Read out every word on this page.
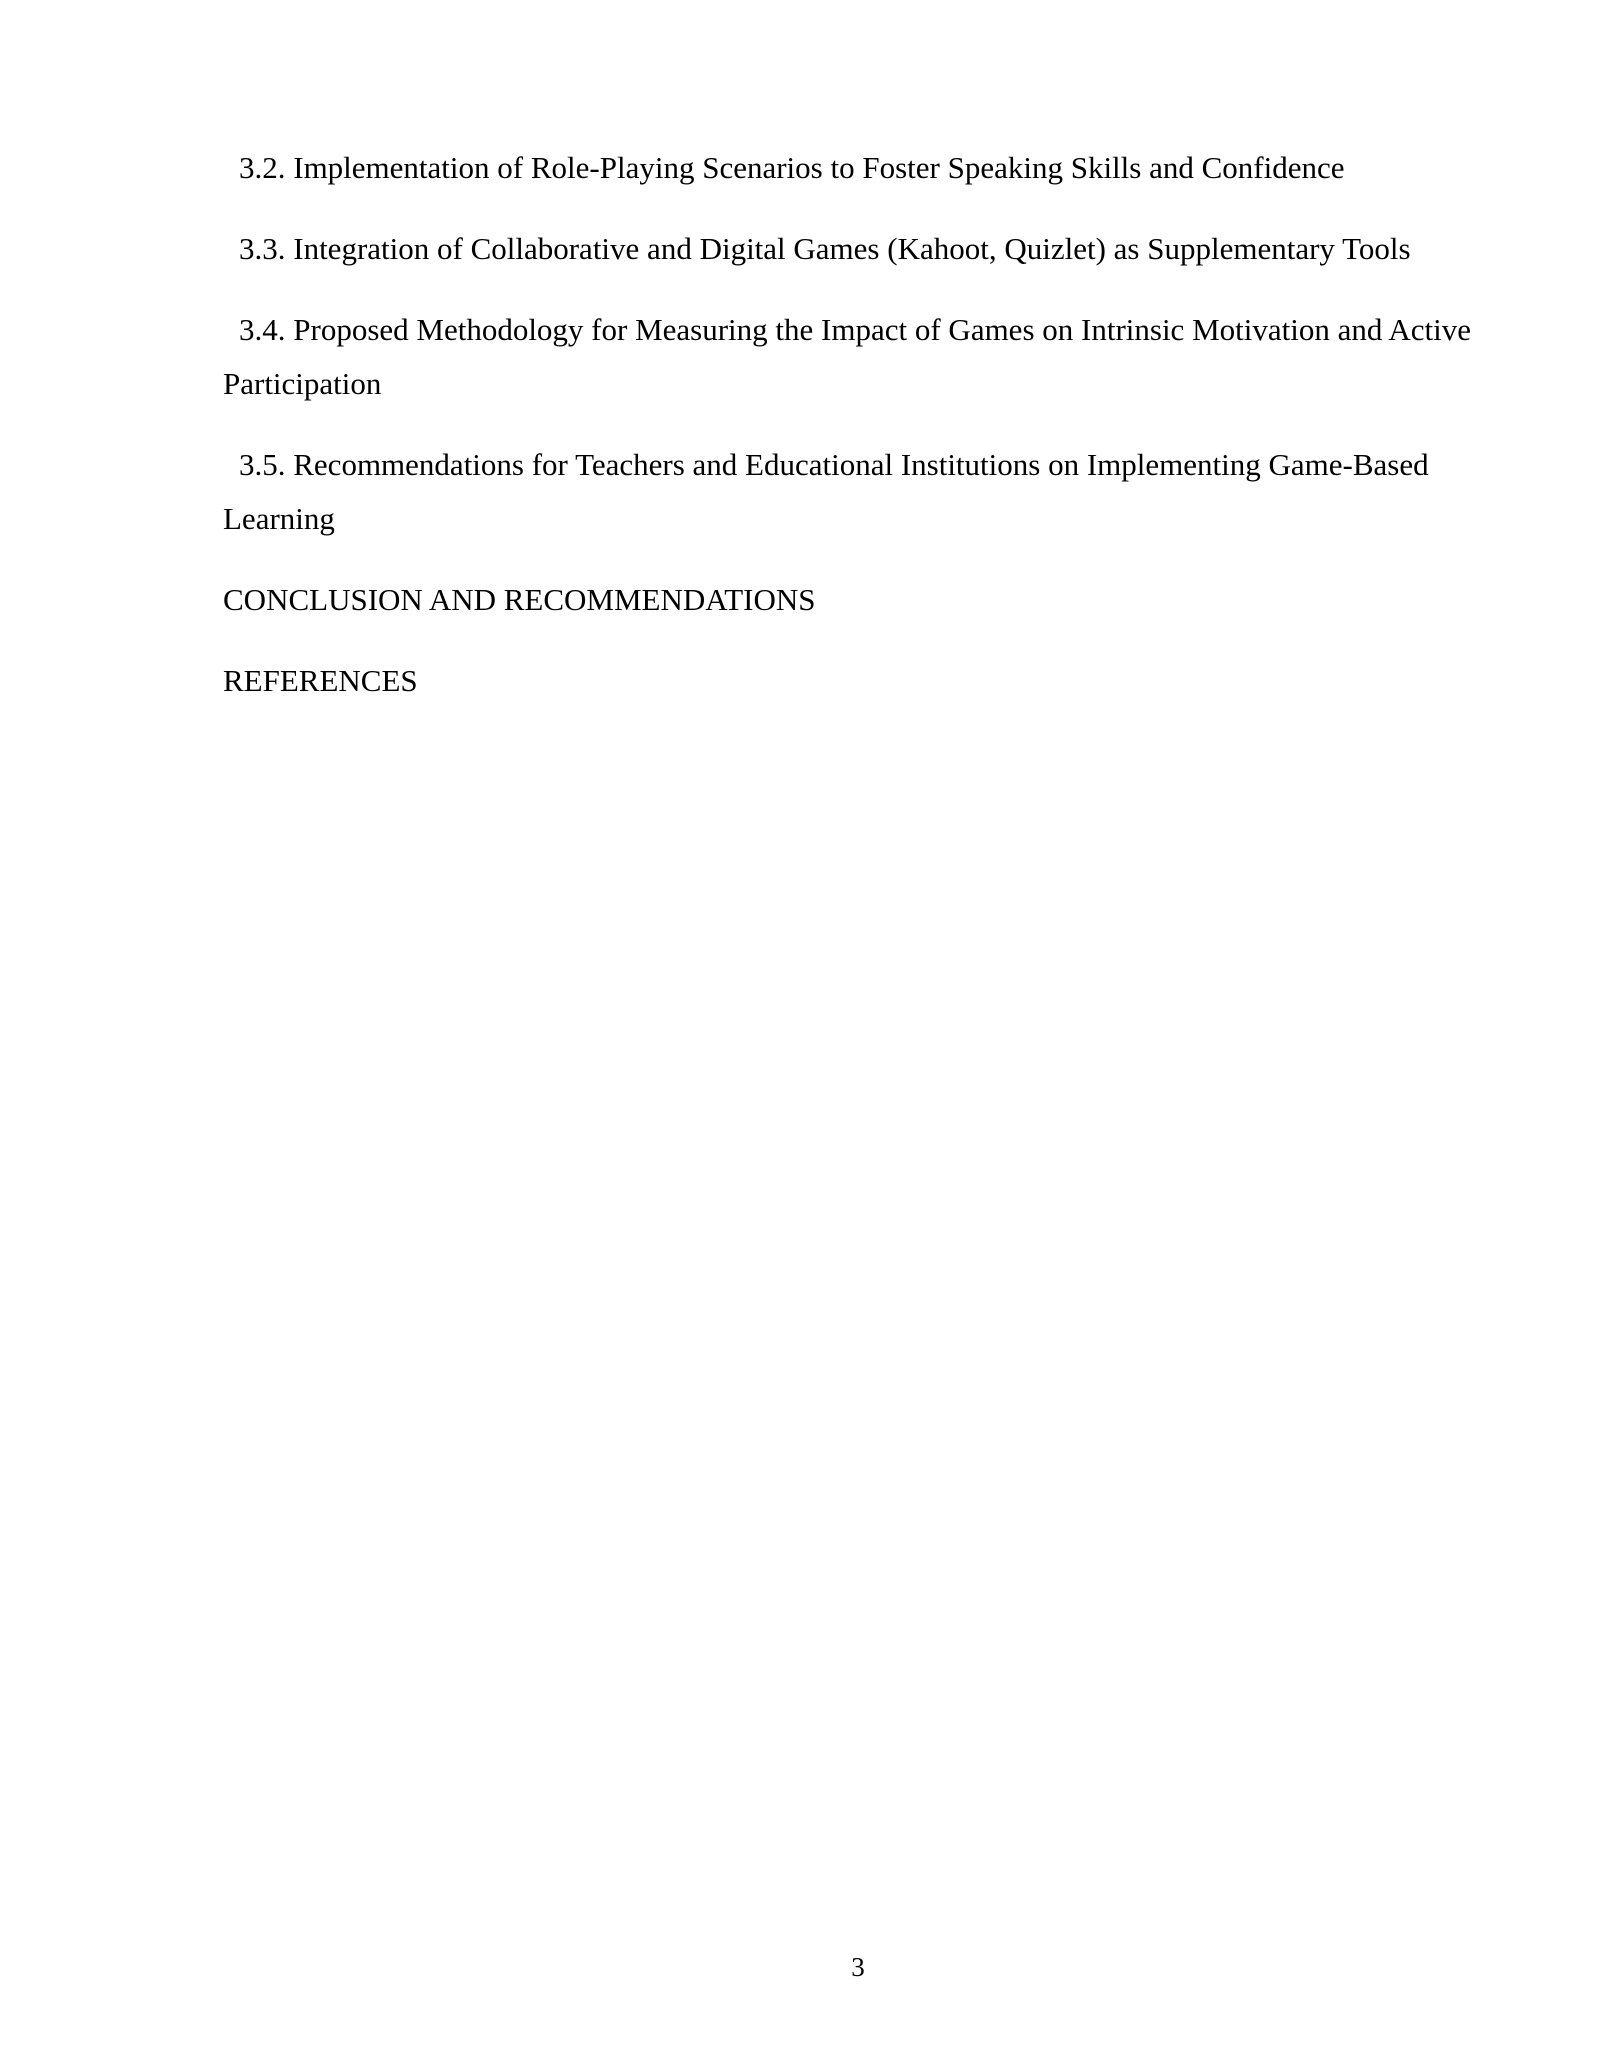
3.2. Implementation of Role-Playing Scenarios to Foster Speaking Skills and Confidence

3.3. Integration of Collaborative and Digital Games (Kahoot, Quizlet) as Supplementary Tools

3.4. Proposed Methodology for Measuring the Impact of Games on Intrinsic Motivation and Active Participation

3.5. Recommendations for Teachers and Educational Institutions on Implementing Game-Based Learning

CONCLUSION AND RECOMMENDATIONS

REFERENCES

3
